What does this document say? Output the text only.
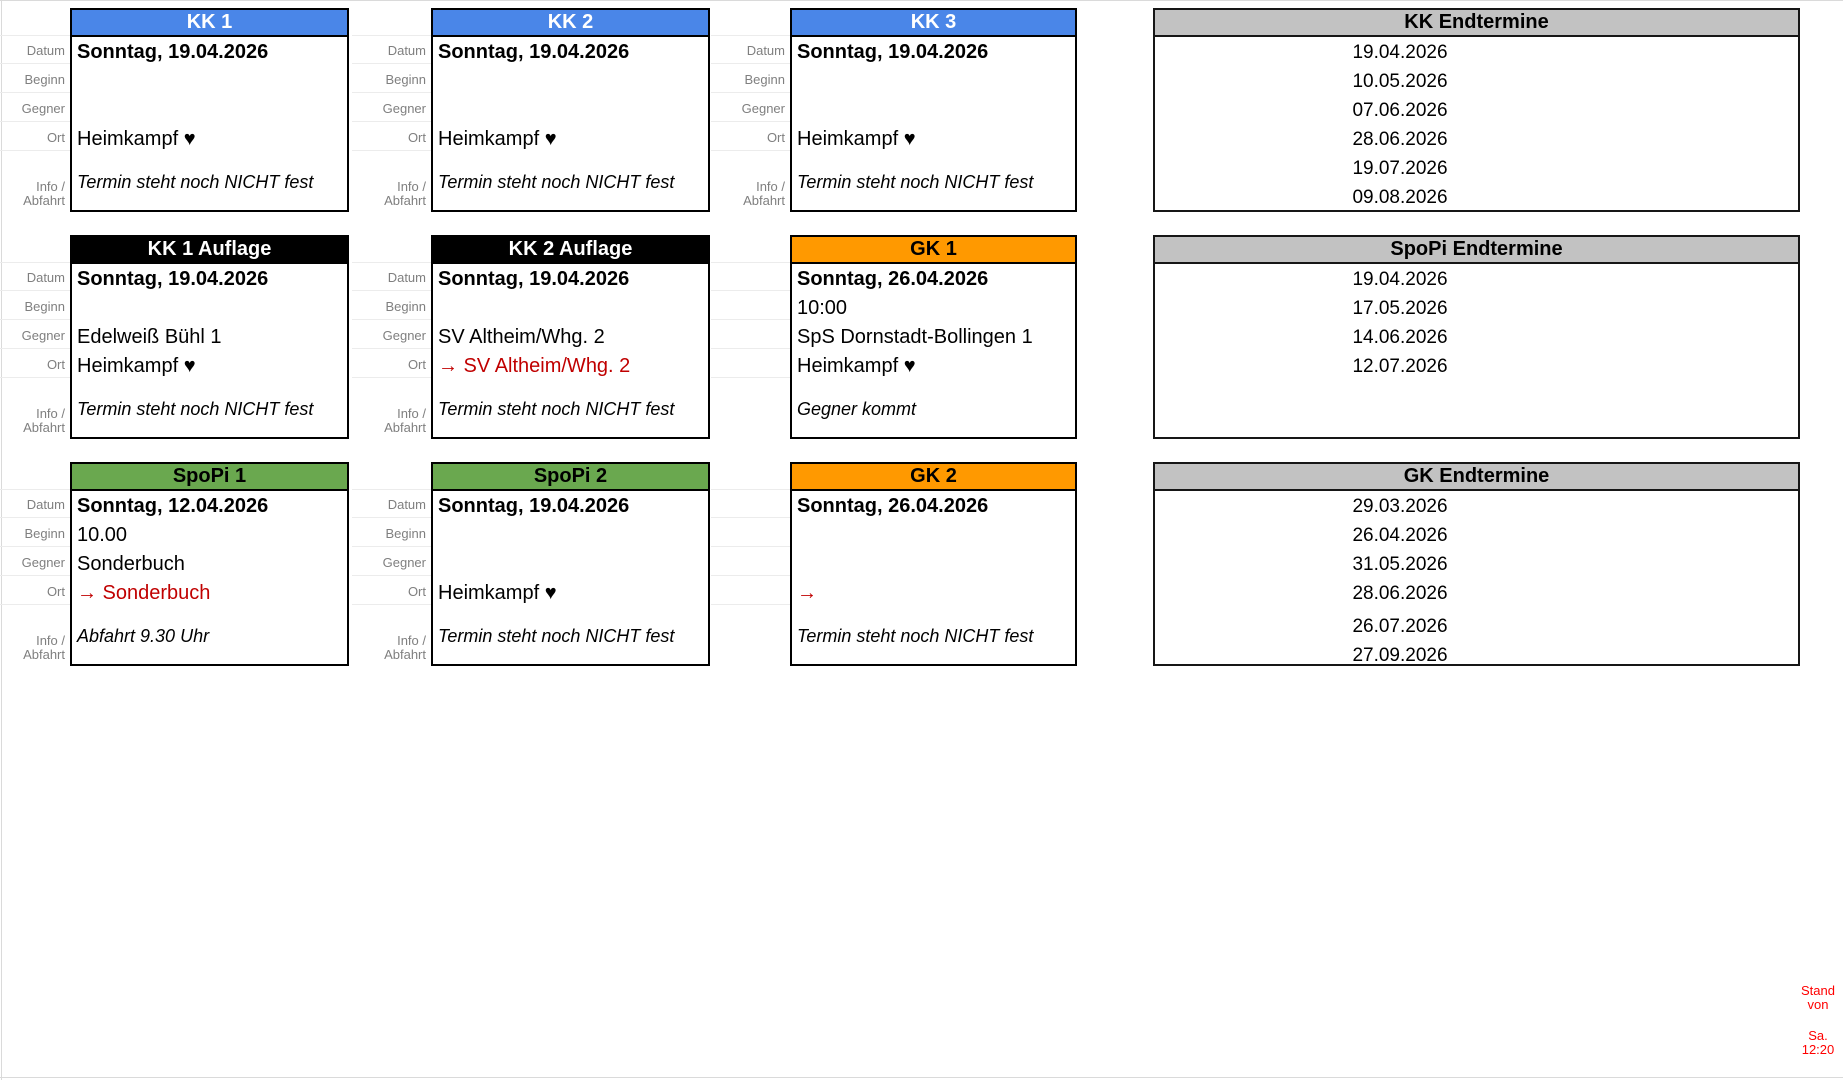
Datum
Beginn
Gegner
Ort
Info /
Abfahrt
KK 1
Sonntag, 19.04.2026
Heimkampf ♥
Termin steht noch NICHT fest
Datum
Beginn
Gegner
Ort
Info /
Abfahrt
KK 2
Sonntag, 19.04.2026
Heimkampf ♥
Termin steht noch NICHT fest
Datum
Beginn
Gegner
Ort
Info /
Abfahrt
KK 3
Sonntag, 19.04.2026
Heimkampf ♥
Termin steht noch NICHT fest
KK Endtermine
19.04.2026
10.05.2026
07.06.2026
28.06.2026
19.07.2026
09.08.2026
Datum
Beginn
Gegner
Ort
Info /
Abfahrt
KK 1 Auflage
Sonntag, 19.04.2026
Edelweiß Bühl 1
Heimkampf ♥
Termin steht noch NICHT fest
Datum
Beginn
Gegner
Ort
Info /
Abfahrt
KK 2 Auflage
Sonntag, 19.04.2026
SV Altheim/Whg. 2
→ SV Altheim/Whg. 2
Termin steht noch NICHT fest
GK 1
Sonntag, 26.04.2026
10:00
SpS Dornstadt-Bollingen 1
Heimkampf ♥
Gegner kommt
SpoPi Endtermine
19.04.2026
17.05.2026
14.06.2026
12.07.2026
Datum
Beginn
Gegner
Ort
Info /
Abfahrt
SpoPi 1
Sonntag, 12.04.2026
10.00
Sonderbuch
→ Sonderbuch
Abfahrt 9.30 Uhr
Datum
Beginn
Gegner
Ort
Info /
Abfahrt
SpoPi 2
Sonntag, 19.04.2026
Heimkampf ♥
Termin steht noch NICHT fest
GK 2
Sonntag, 26.04.2026
→
Termin steht noch NICHT fest
GK Endtermine
29.03.2026
26.04.2026
31.05.2026
28.06.2026
26.07.2026
27.09.2026
Stand von
Sa. 12:20
